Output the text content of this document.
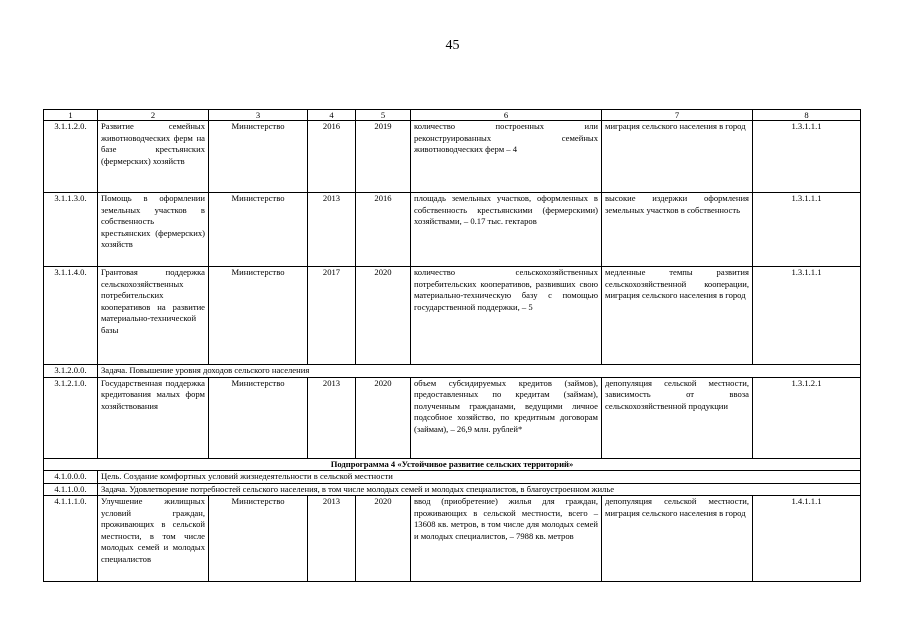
45
1	2	3	4	5	6	7	8
3.1.1.2.0.	Развитие семейных животноводческих ферм на базе крестьянских (фермерских) хозяйств	Министерство	2016	2019	количество построенных или реконструированных семейных животноводческих ферм – 4	миграция сельского населения в город	1.3.1.1.1
3.1.1.3.0.	Помощь в оформлении земельных участков в собственность крестьянских (фермерских) хозяйств	Министерство	2013	2016	площадь земельных участков, оформленных в собственность крестьянскими (фермерскими) хозяйствами, – 0.17 тыс. гектаров	высокие издержки оформления земельных участков в собственность	1.3.1.1.1
3.1.1.4.0.	Грантовая поддержка сельскохозяйственных потребительских кооперативов на развитие материально-технической базы	Министерство	2017	2020	количество сельскохозяйственных потребительских кооперативов, развивших свою материально-техническую базу с помощью государственной поддержки, – 5	медленные темпы развития сельскохозяйственной кооперации, миграция сельского населения в город	1.3.1.1.1
3.1.2.0.0.	Задача. Повышение уровня доходов сельского населения						
3.1.2.1.0.	Государственная поддержка кредитования малых форм хозяйствования	Министерство	2013	2020	объем субсидируемых кредитов (займов), предоставленных по кредитам (займам), полученным гражданами, ведущими личное подсобное хозяйство, по кредитным договорам (займам), – 26,9 млн. рублей*	депопуляция сельской местности, зависимость от ввоза сельскохозяйственной продукции	1.3.1.2.1
Подпрограмма 4 «Устойчивое развитие сельских территорий»							
4.1.0.0.0.	Цель. Создание комфортных условий жизнедеятельности в сельской местности						
4.1.1.0.0.	Задача. Удовлетворение потребностей сельского населения, в том числе молодых семей и молодых специалистов, в благоустроенном жилье						
4.1.1.1.0.	Улучшение жилищных условий граждан, проживающих в сельской местности, в том числе молодых семей и молодых специалистов	Министерство	2013	2020	ввод (приобретение) жилья для граждан, проживающих в сельской местности, всего – 13608 кв. метров, в том числе для молодых семей и молодых специалистов, – 7988 кв. метров	депопуляция сельской местности, миграция сельского населения в город	1.4.1.1.1
